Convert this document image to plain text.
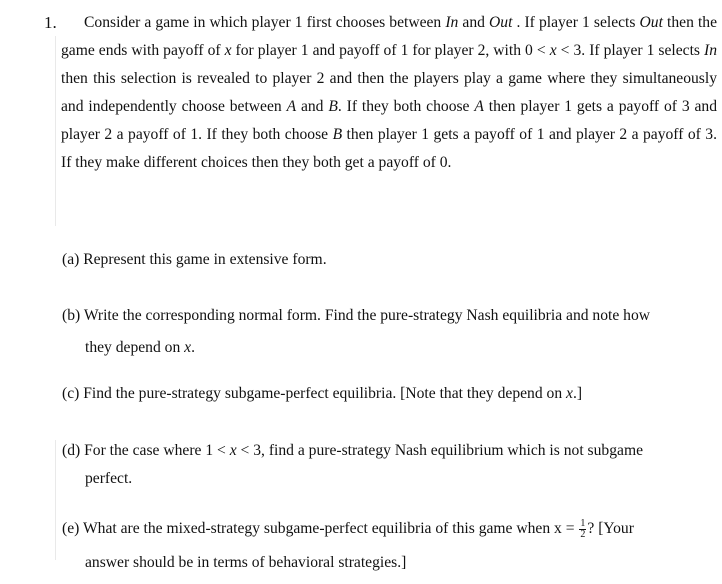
1.	Consider a game in which player 1 first chooses between In and Out . If player 1 selects Out then the game ends with payoff of x for player 1 and payoff of 1 for player 2, with 0 < x < 3. If player 1 selects In then this selection is revealed to player 2 and then the players play a game where they simultaneously and independently choose between A and B. If they both choose A then player 1 gets a payoff of 3 and player 2 a payoff of 1. If they both choose B then player 1 gets a payoff of 1 and player 2 a payoff of 3. If they make different choices then they both get a payoff of 0.
(a) Represent this game in extensive form.
(b) Write the corresponding normal form. Find the pure-strategy Nash equilibria and note how
they depend on x.
(c) Find the pure-strategy subgame-perfect equilibria. [Note that they depend on x.]
(d) For the case where 1 < x < 3, find a pure-strategy Nash equilibrium which is not subgame
perfect.
(e) What are the mixed-strategy subgame-perfect equilibria of this game when $x = \frac{1}{2}$ ? [Your
answer should be in terms of behavioral strategies.]
